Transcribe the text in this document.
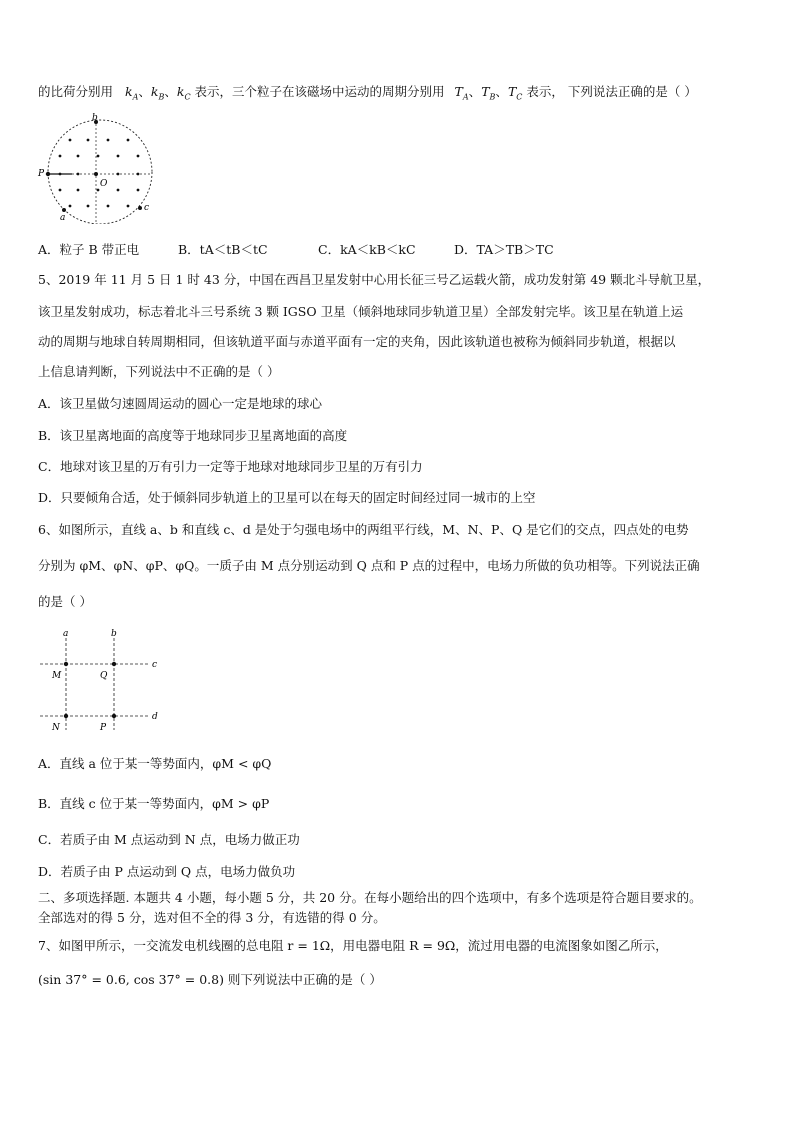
的比荷分别用 $k_A$、$k_B$、$k_C$ 表示，三个粒子在该磁场中运动的周期分别用 $T_A$、$T_B$、$T_C$ 表示， 下列说法正确的是（ ）
b
P
O
a
c
A．粒子 B 带正电	B．tA＜tB＜tC	C．kA＜kB＜kC	D．TA＞TB＞TC
5、2019 年 11 月 5 日 1 时 43 分，中国在西昌卫星发射中心用长征三号乙运载火箭，成功发射第 49 颗北斗导航卫星，
该卫星发射成功，标志着北斗三号系统 3 颗 IGSO 卫星（倾斜地球同步轨道卫星）全部发射完毕。该卫星在轨道上运
动的周期与地球自转周期相同，但该轨道平面与赤道平面有一定的夹角，因此该轨道也被称为倾斜同步轨道，根据以
上信息请判断，下列说法中不正确的是（ ）
A．该卫星做匀速圆周运动的圆心一定是地球的球心
B．该卫星离地面的高度等于地球同步卫星离地面的高度
C．地球对该卫星的万有引力一定等于地球对地球同步卫星的万有引力
D．只要倾角合适，处于倾斜同步轨道上的卫星可以在每天的固定时间经过同一城市的上空
6、如图所示，直线 a、b 和直线 c、d 是处于匀强电场中的两组平行线，M、N、P、Q 是它们的交点，四点处的电势
分别为 φM、φN、φP、φQ。一质子由 M 点分别运动到 Q 点和 P 点的过程中，电场力所做的负功相等。下列说法正确
的是（ ）
a	b
c
d
M	Q
N	P
A．直线 a 位于某一等势面内，φM < φQ
B．直线 c 位于某一等势面内，φM > φP
C．若质子由 M 点运动到 N 点，电场力做正功
D．若质子由 P 点运动到 Q 点，电场力做负功
二、多项选择题. 本题共 4 小题，每小题 5 分，共 20 分。在每小题给出的四个选项中，有多个选项是符合题目要求的。
全部选对的得 5 分，选对但不全的得 3 分，有选错的得 0 分。
7、如图甲所示，一交流发电机线圈的总电阻 r = 1Ω，用电器电阻 R = 9Ω，流过用电器的电流图象如图乙所示，
(sin 37° = 0.6, cos 37° = 0.8) 则下列说法中正确的是（ ）
